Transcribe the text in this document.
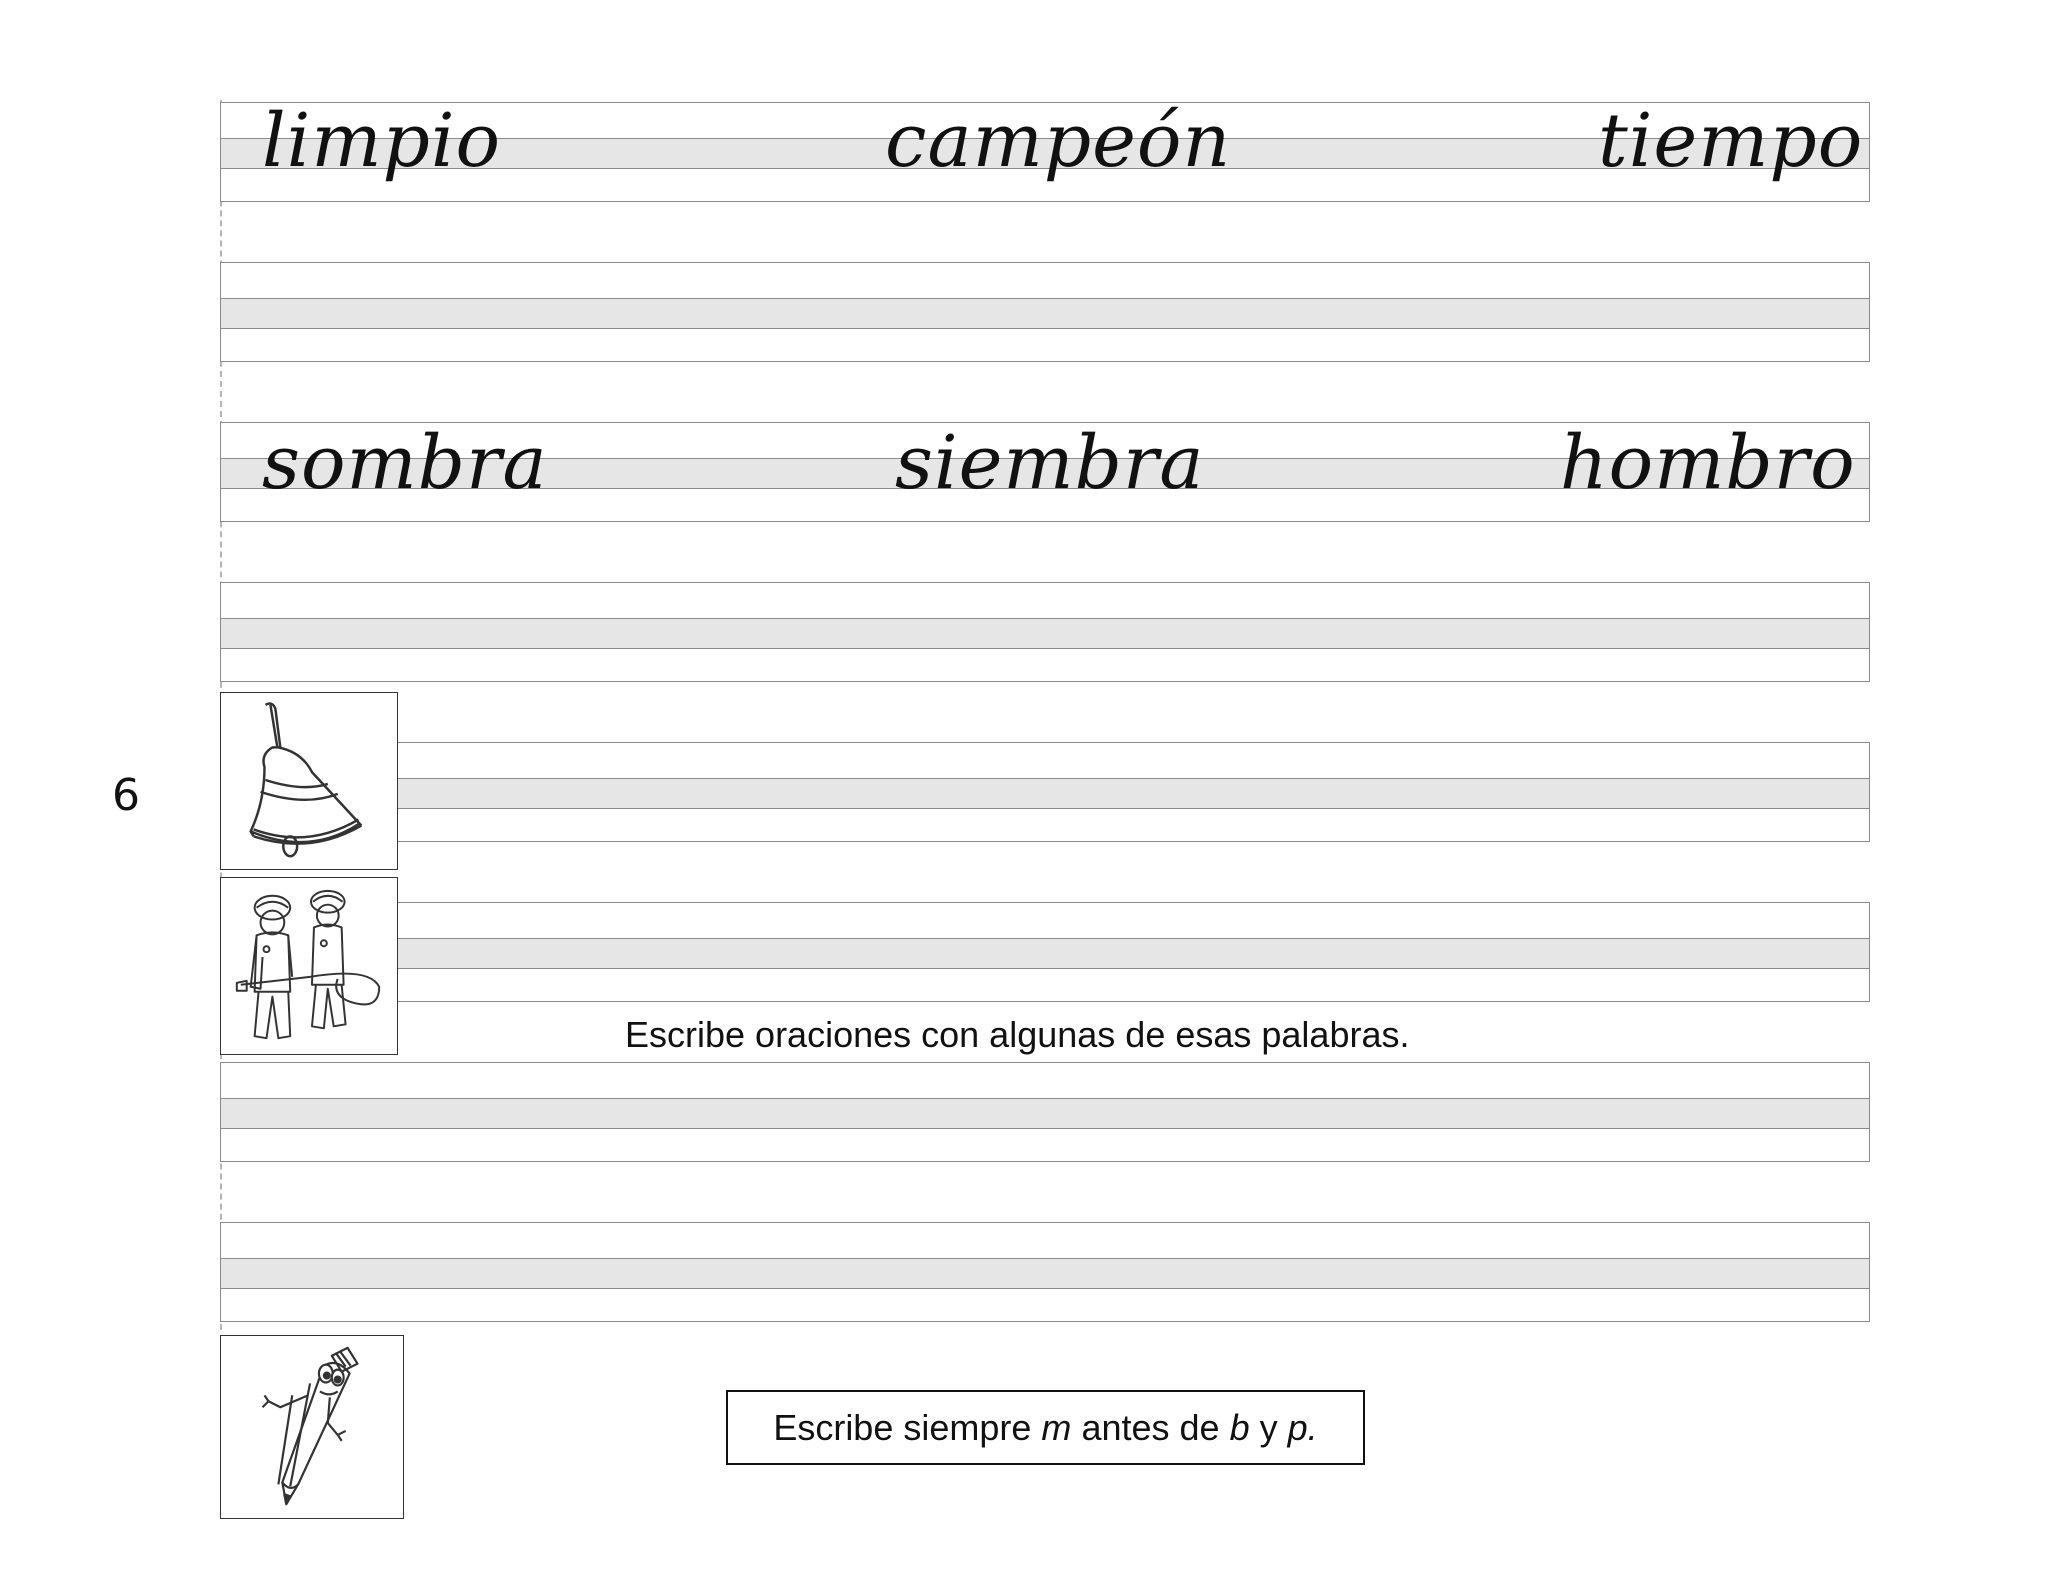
limpio	campeón	tiempo
sombra	siembra	hombro
6
Escribe oraciones con algunas de esas palabras.
Escribe siempre
m
antes de
b
y
p.
